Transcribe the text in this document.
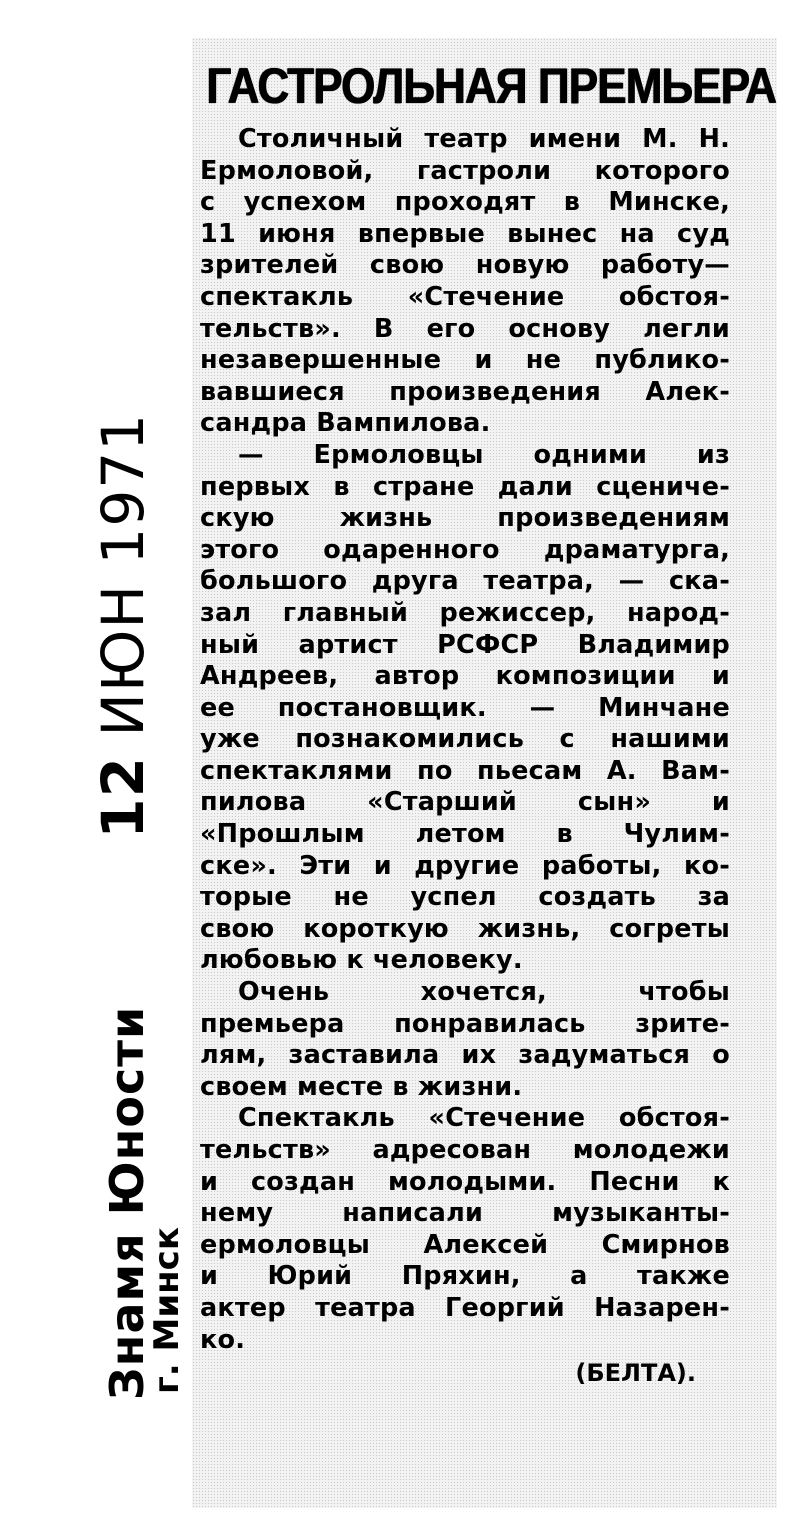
Знамя Юности 12 ИЮН 1971
г. Минск
ГАСТРОЛЬНАЯ ПРЕМЬЕРА
Столичный театр имени М. Н.
Ермоловой, гастроли которого
с успехом проходят в Минске,
11 июня впервые вынес на суд
зрителей свою новую работу—
спектакль «Стечение обстоя-
тельств». В его основу легли
незавершенные и не публико-
вавшиеся произведения Алек-
сандра Вампилова.
— Ермоловцы одними из
первых в стране дали сцениче-
скую жизнь произведениям
этого одаренного драматурга,
большого друга театра, — ска-
зал главный режиссер, народ-
ный артист РСФСР Владимир
Андреев, автор композиции и
ее постановщик. — Минчане
уже познакомились с нашими
спектаклями по пьесам А. Вам-
пилова «Старший сын» и
«Прошлым летом в Чулим-
ске». Эти и другие работы, ко-
торые не успел создать за
свою короткую жизнь, согреты
любовью к человеку.
Очень хочется, чтобы
премьера понравилась зрите-
лям, заставила их задуматься о
своем месте в жизни.
Спектакль «Стечение обстоя-
тельств» адресован молодежи
и создан молодыми. Песни к
нему написали музыканты-
ермоловцы Алексей Смирнов
и Юрий Пряхин, а также
актер театра Георгий Назарен-
ко.
(БЕЛТА).
